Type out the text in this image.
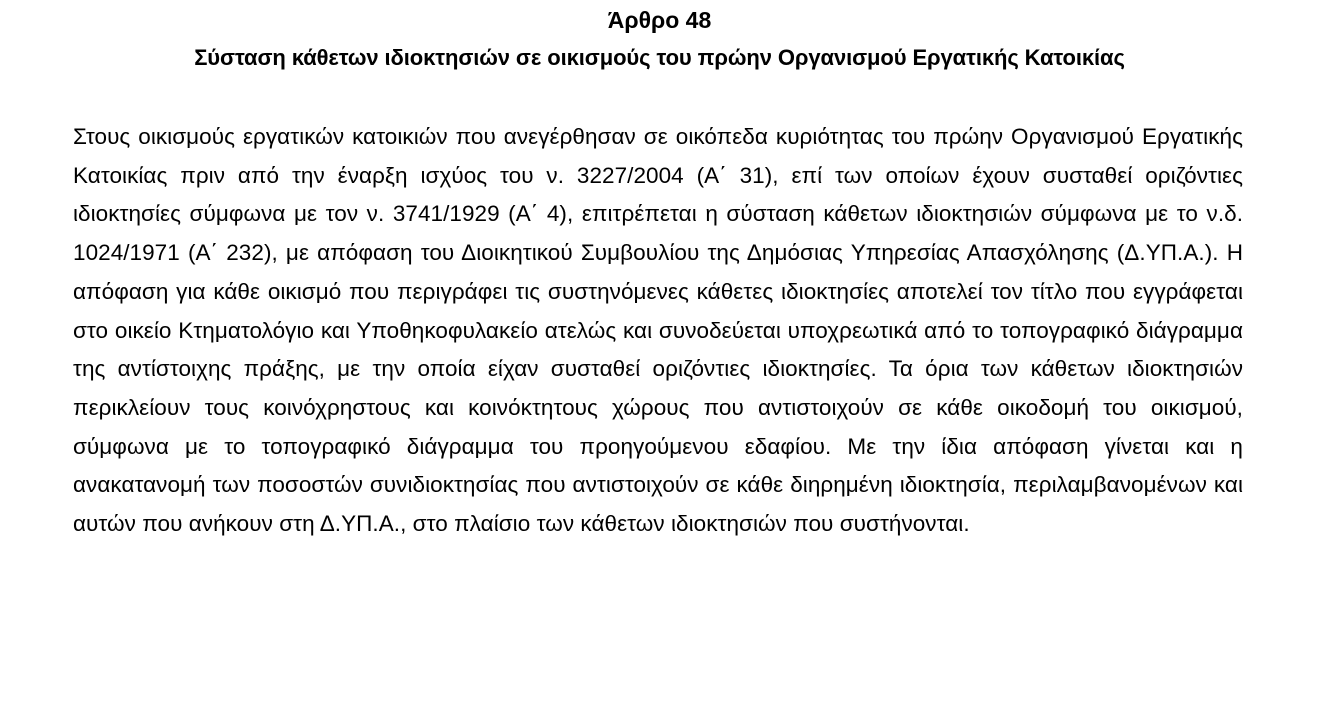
Άρθρο 48
Σύσταση κάθετων ιδιοκτησιών σε οικισμούς του πρώην Οργανισμού Εργατικής Κατοικίας
Στους οικισμούς εργατικών κατοικιών που ανεγέρθησαν σε οικόπεδα κυριότητας του πρώην Οργανισμού Εργατικής Κατοικίας πριν από την έναρξη ισχύος του ν. 3227/2004 (Α΄ 31), επί των οποίων έχουν συσταθεί οριζόντιες ιδιοκτησίες σύμφωνα με τον ν. 3741/1929 (Α΄ 4), επιτρέπεται η σύσταση κάθετων ιδιοκτησιών σύμφωνα με το ν.δ. 1024/1971 (Α΄ 232), με απόφαση του Διοικητικού Συμβουλίου της Δημόσιας Υπηρεσίας Απασχόλησης (Δ.ΥΠ.Α.). Η απόφαση για κάθε οικισμό που περιγράφει τις συστηνόμενες κάθετες ιδιοκτησίες αποτελεί τον τίτλο που εγγράφεται στο οικείο Κτηματολόγιο και Υποθηκοφυλακείο ατελώς και συνοδεύεται υποχρεωτικά από το τοπογραφικό διάγραμμα της αντίστοιχης πράξης, με την οποία είχαν συσταθεί οριζόντιες ιδιοκτησίες. Τα όρια των κάθετων ιδιοκτησιών περικλείουν τους κοινόχρηστους και κοινόκτητους χώρους που αντιστοιχούν σε κάθε οικοδομή του οικισμού, σύμφωνα με το τοπογραφικό διάγραμμα του προηγούμενου εδαφίου. Με την ίδια απόφαση γίνεται και η ανακατανομή των ποσοστών συνιδιοκτησίας που αντιστοιχούν σε κάθε διηρημένη ιδιοκτησία, περιλαμβανομένων και αυτών που ανήκουν στη Δ.ΥΠ.Α., στο πλαίσιο των κάθετων ιδιοκτησιών που συστήνονται.
